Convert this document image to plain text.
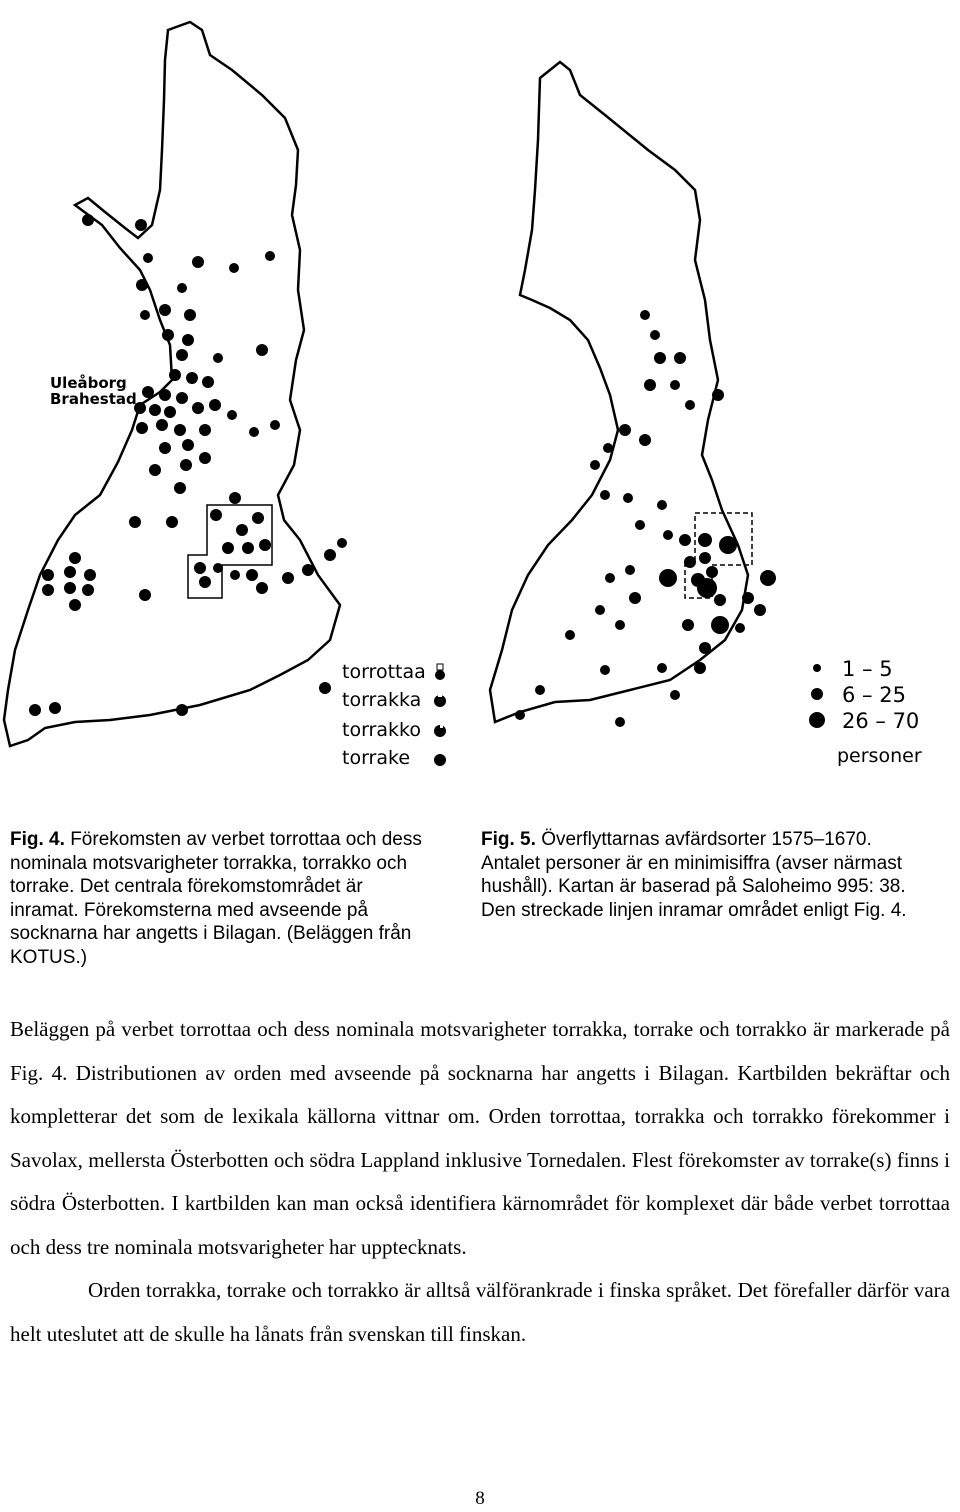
Uleåborg
Brahestad
torrottaa
torrakka
torrakko
torrake
1 – 5
6 – 25
26 – 70
personer
Fig. 4. Förekomsten av verbet torrottaa och dess nominala motsvarigheter torrakka, torrakko och torrake. Det centrala förekomstområdet är inramat. Förekomsterna med avseende på socknarna har angetts i Bilagan. (Beläggen från KOTUS.)
Fig. 5. Överflyttarnas avfärdsorter 1575–1670. Antalet personer är en minimisiffra (avser närmast hushåll). Kartan är baserad på Saloheimo 995: 38. Den streckade linjen inramar området enligt Fig. 4.

Beläggen på verbet torrottaa och dess nominala motsvarigheter torrakka, torrake och torrakko är markerade på Fig. 4. Distributionen av orden med avseende på socknarna har angetts i Bilagan. Kartbilden bekräftar och kompletterar det som de lexikala källorna vittnar om. Orden torrottaa, torrakka och torrakko förekommer i Savolax, mellersta Österbotten och södra Lappland inklusive Tornedalen. Flest förekomster av torrake(s) finns i södra Österbotten. I kartbilden kan man också identifiera kärnområdet för komplexet där både verbet torrottaa och dess tre nominala motsvarigheter har upptecknats.

Orden torrakka, torrake och torrakko är alltså välförankrade i finska språket. Det förefaller därför vara helt uteslutet att de skulle ha lånats från svenskan till finskan.

8
